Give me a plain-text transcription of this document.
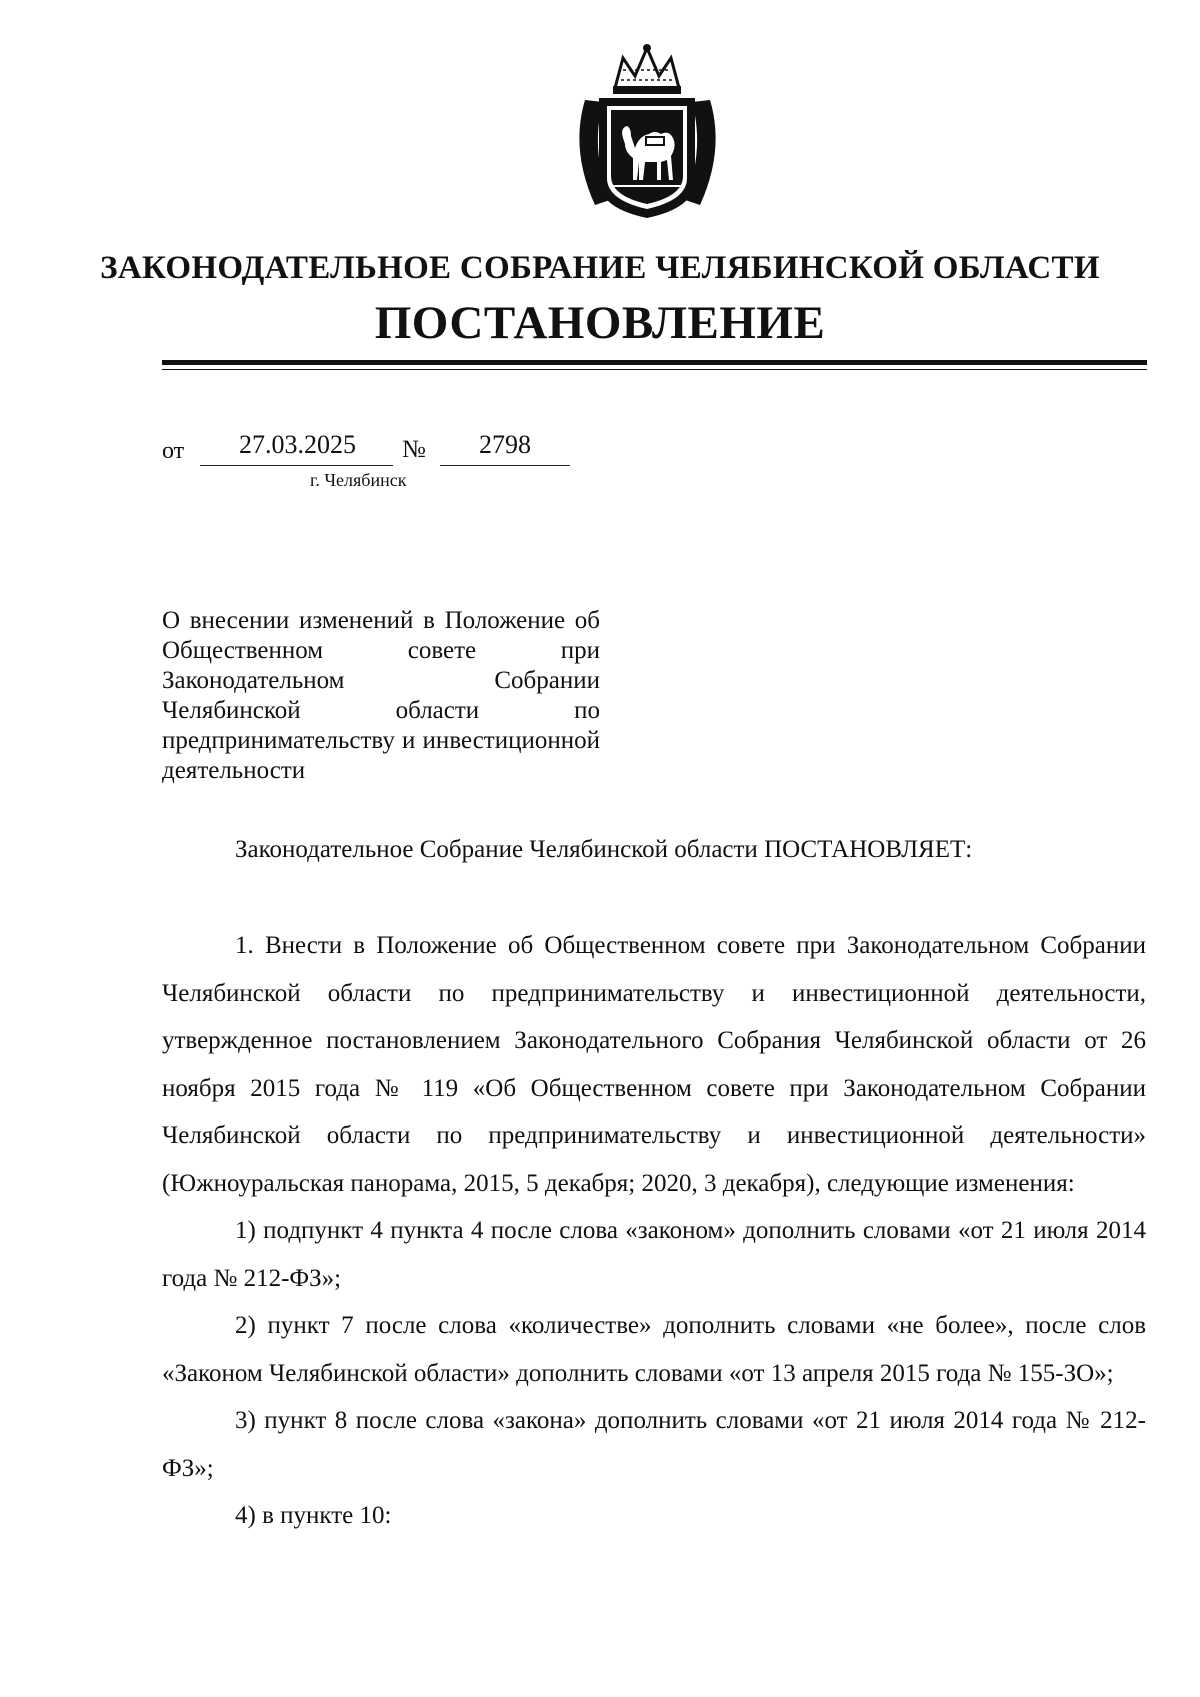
ЗАКОНОДАТЕЛЬНОЕ СОБРАНИЕ ЧЕЛЯБИНСКОЙ ОБЛАСТИ
ПОСТАНОВЛЕНИЕ
от	27.03.2025	№	2798
г. Челябинск
О внесении изменений в Положение об Общественном совете при Законодательном Собрании Челябинской области по предпринимательству и инвестиционной деятельности
Законодательное Собрание Челябинской области ПОСТАНОВЛЯЕТ:

1. Внести в Положение об Общественном совете при Законодательном Собрании Челябинской области по предпринимательству и инвестиционной деятельности, утвержденное постановлением Законодательного Собрания Челябинской области от 26 ноября 2015 года № 119 «Об Общественном совете при Законодательном Собрании Челябинской области по предпринимательству и инвестиционной деятельности» (Южноуральская панорама, 2015, 5 декабря; 2020, 3 декабря), следующие изменения:

1) подпункт 4 пункта 4 после слова «законом» дополнить словами «от 21 июля 2014 года № 212-ФЗ»;

2) пункт 7 после слова «количестве» дополнить словами «не более», после слов «Законом Челябинской области» дополнить словами «от 13 апреля 2015 года № 155-ЗО»;

3) пункт 8 после слова «закона» дополнить словами «от 21 июля 2014 года № 212-ФЗ»;

4) в пункте 10:
